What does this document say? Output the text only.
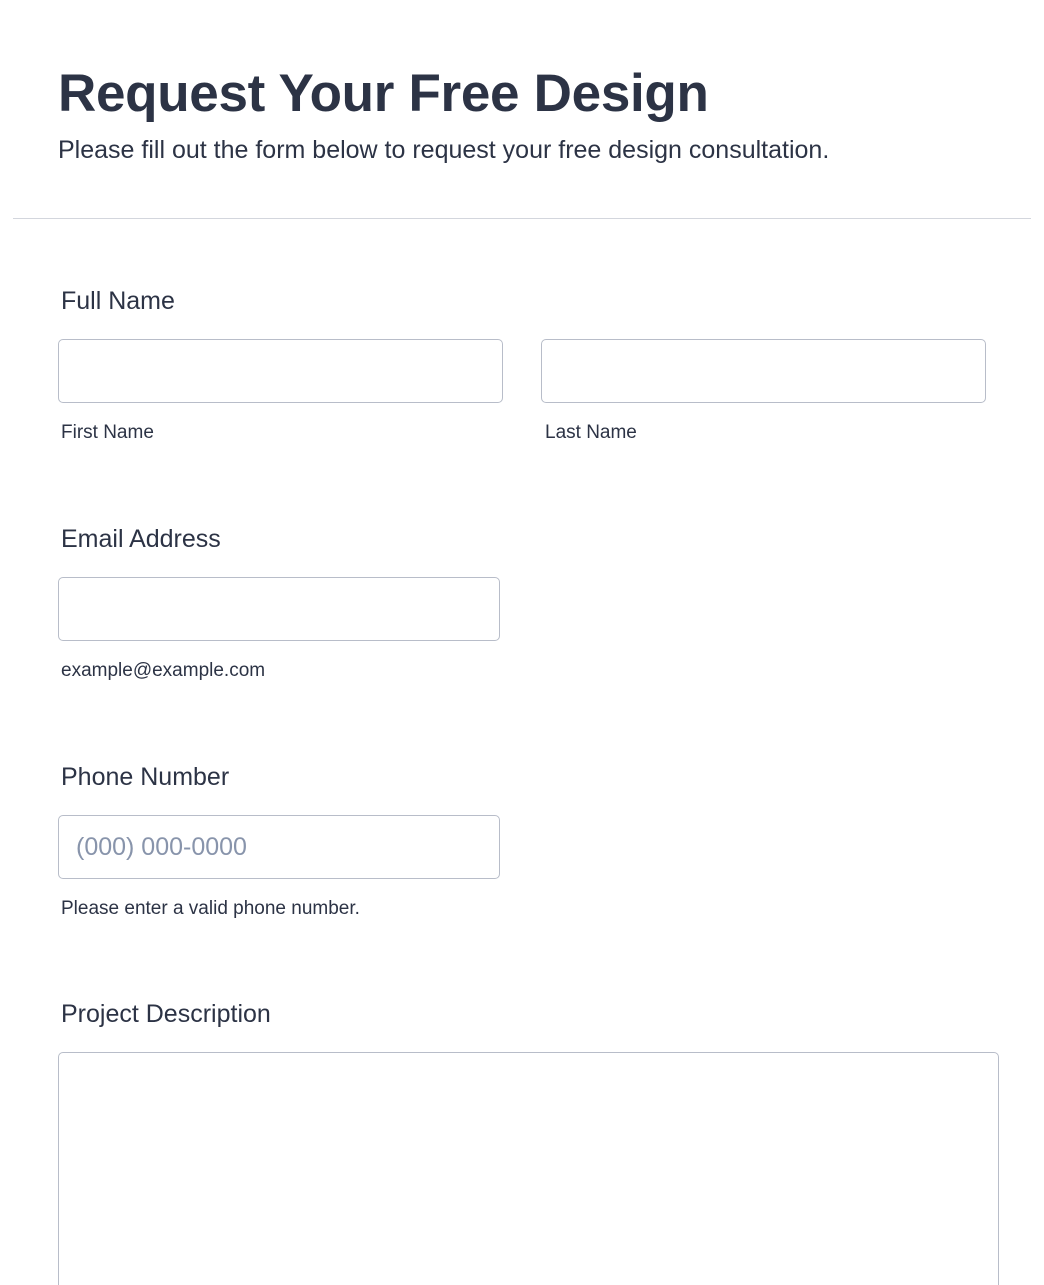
Request Your Free Design

Please fill out the form below to request your free design consultation.

Full Name
First Name	Last Name
Email Address
example@example.com
Phone Number
(000) 000-0000
Please enter a valid phone number.
Project Description
